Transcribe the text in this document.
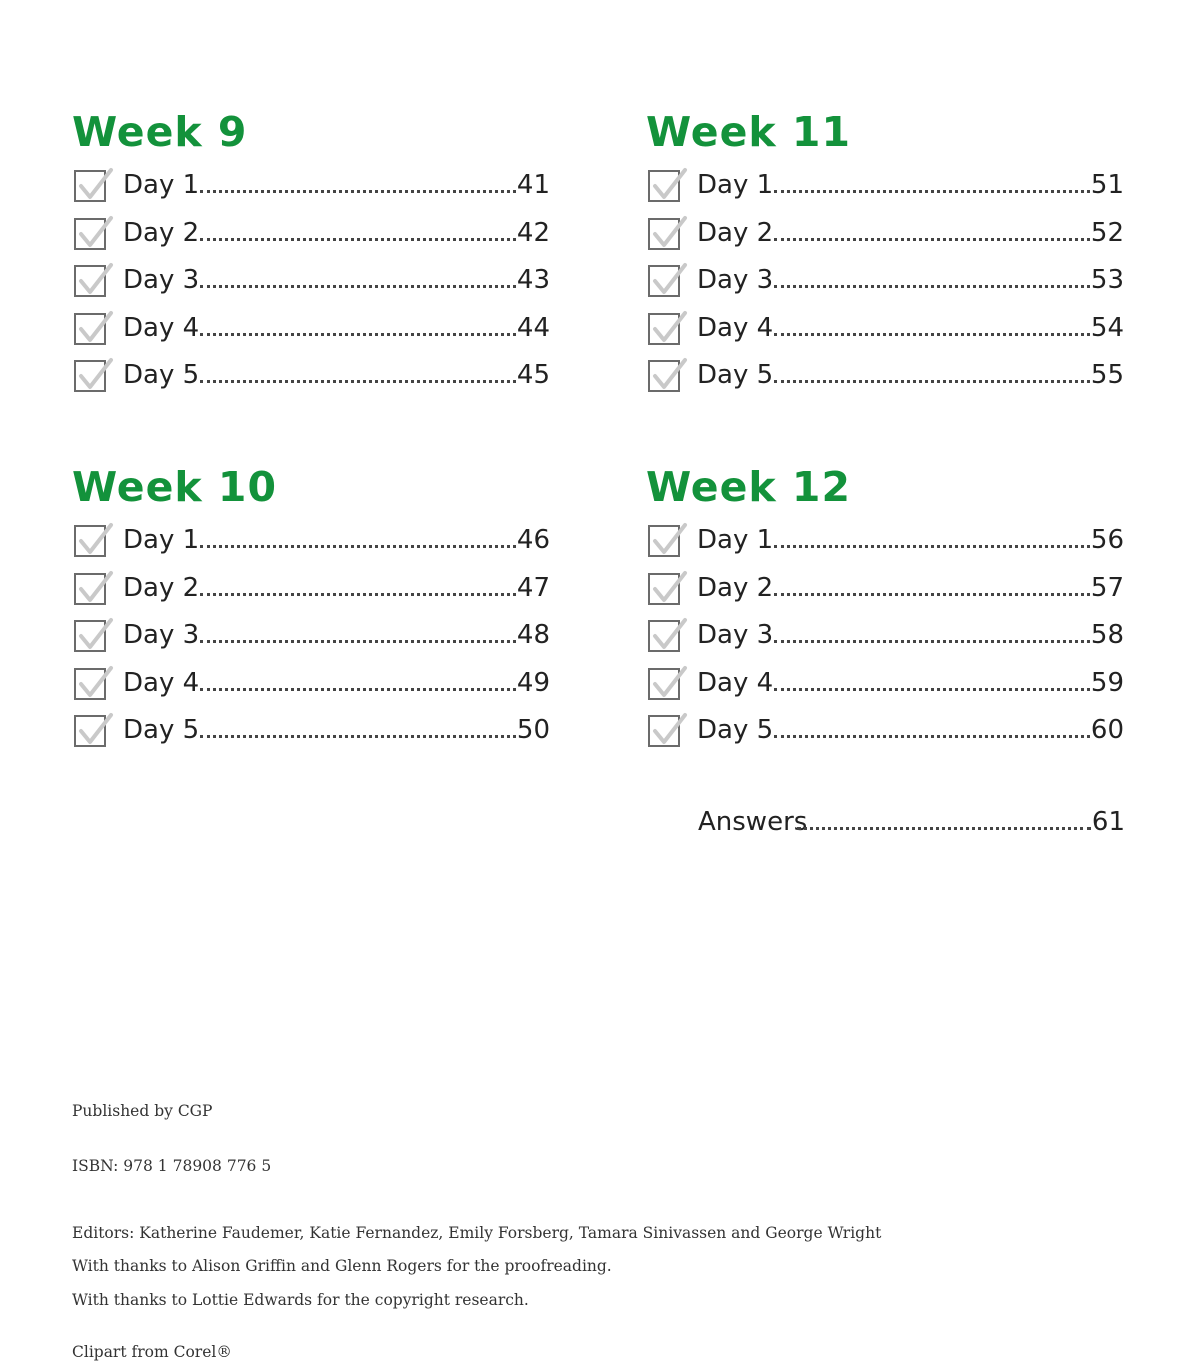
Week 9
Day 1	41
Day 2	42
Day 3	43
Day 4	44
Day 5	45
Week 11
Day 1	51
Day 2	52
Day 3	53
Day 4	54
Day 5	55
Week 10
Day 1	46
Day 2	47
Day 3	48
Day 4	49
Day 5	50
Week 12
Day 1	56
Day 2	57
Day 3	58
Day 4	59
Day 5	60
Answers	61
Published by CGP
ISBN: 978 1 78908 776 5
Editors: Katherine Faudemer, Katie Fernandez, Emily Forsberg, Tamara Sinivassen and George Wright
With thanks to Alison Griffin and Glenn Rogers for the proofreading.
With thanks to Lottie Edwards for the copyright research.
Clipart from Corel®
